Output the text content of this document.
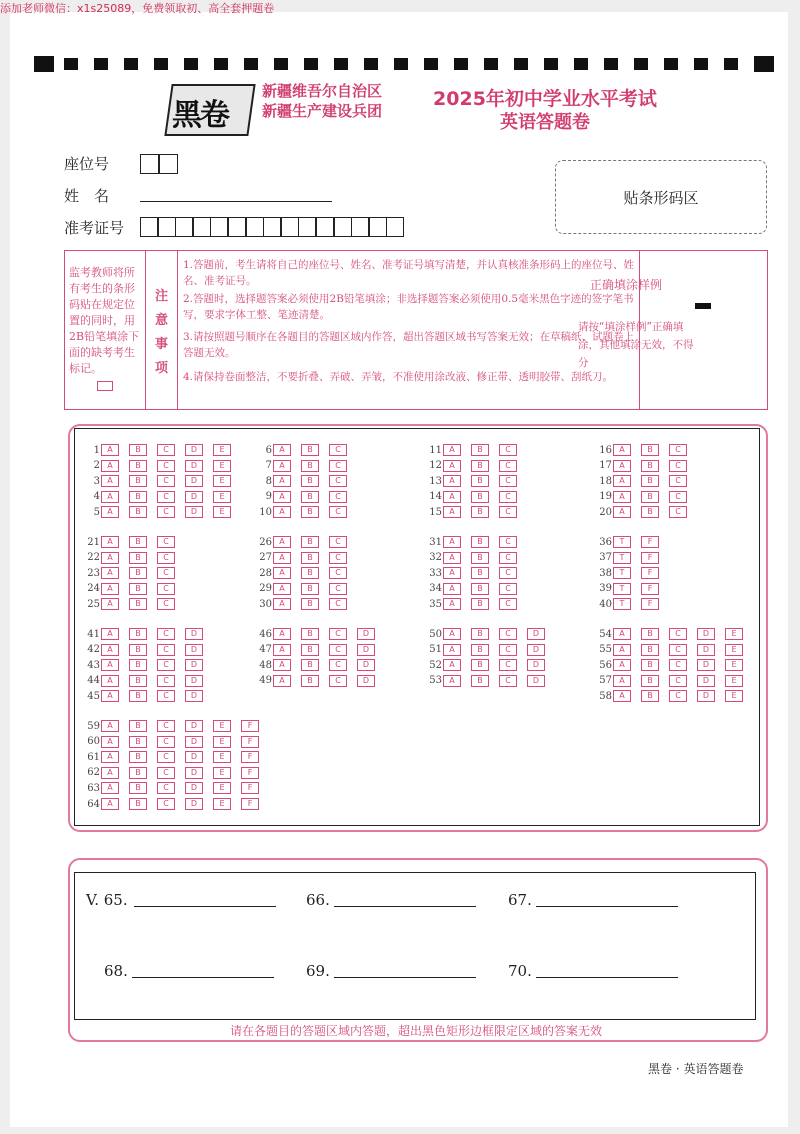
添加老师微信：x1s25089，免费领取初、高全套押题卷
黑卷
新疆维吾尔自治区
新疆生产建设兵团
2025年初中学业水平考试
英语答题卷
座位号
姓　名
准考证号
贴条形码区
监考教师将所有考生的条形码贴在规定位置的同时，用2B铅笔填涂下面的缺考考生标记。
注
意
事
项
1.答题前，考生请将自己的座位号、姓名、准考证号填写清楚，并认真核准条形码上的座位号、姓名、准考证号。
2.答题时，选择题答案必须使用2B铅笔填涂；非选择题答案必须使用0.5毫米黑色字迹的签字笔书写，要求字体工整、笔迹清楚。
3.请按照题号顺序在各题目的答题区域内作答，超出答题区域书写答案无效；在草稿纸、试题卷上答题无效。
4.请保持卷面整洁，不要折叠、弄破、弄皱，不准使用涂改液、修正带、透明胶带、刮纸刀。
正确填涂样例
请按“填涂样例”正确填涂，其他填涂无效，不得分
1 A	B	C	D	E
2 A	B	C	D	E
3 A	B	C	D	E
4 A	B	C	D	E
5 A	B	C	D	E
6 A	B	C
7 A	B	C
8 A	B	C
9 A	B	C
10 A	B	C
11 A	B	C
12 A	B	C
13 A	B	C
14 A	B	C
15 A	B	C
16 A	B	C
17 A	B	C
18 A	B	C
19 A	B	C
20 A	B	C
21 A	B	C
22 A	B	C
23 A	B	C
24 A	B	C
25 A	B	C
26 A	B	C
27 A	B	C
28 A	B	C
29 A	B	C
30 A	B	C
31 A	B	C
32 A	B	C
33 A	B	C
34 A	B	C
35 A	B	C
36 T	F
37 T	F
38 T	F
39 T	F
40 T	F
41 A	B	C	D
42 A	B	C	D
43 A	B	C	D
44 A	B	C	D
45 A	B	C	D
46 A	B	C	D
47 A	B	C	D
48 A	B	C	D
49 A	B	C	D
50 A	B	C	D
51 A	B	C	D
52 A	B	C	D
53 A	B	C	D
54 A	B	C	D	E
55 A	B	C	D	E
56 A	B	C	D	E
57 A	B	C	D	E
58 A	B	C	D	E
59 A	B	C	D	E	F
60 A	B	C	D	E	F
61 A	B	C	D	E	F
62 A	B	C	D	E	F
63 A	B	C	D	E	F
64 A	B	C	D	E	F
V. 65.	66.	67.
68.	69.	70.
请在各题目的答题区域内答题，超出黑色矩形边框限定区域的答案无效
黑卷 · 英语答题卷
